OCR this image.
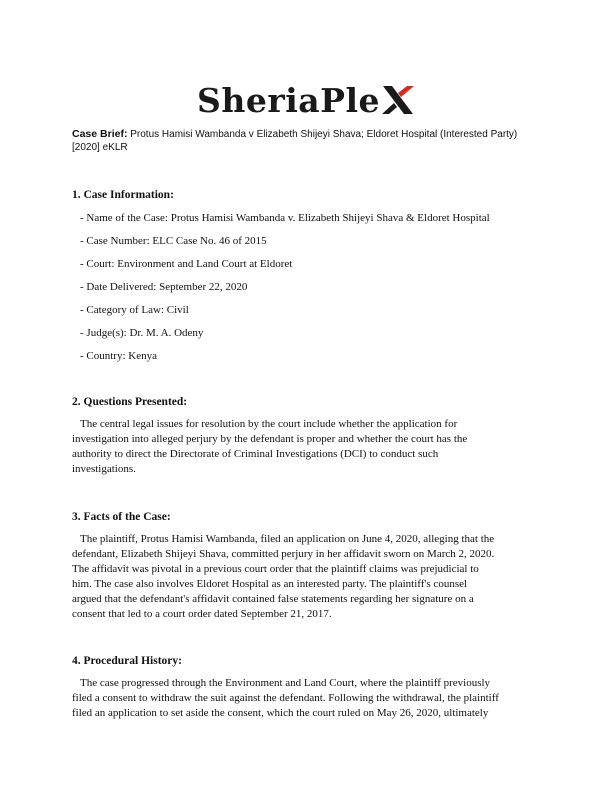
SheriaPle
Case Brief: Protus Hamisi Wambanda v Elizabeth Shijeyi Shava; Eldoret Hospital (Interested Party)
[2020] eKLR
1. Case Information:
- Name of the Case: Protus Hamisi Wambanda v. Elizabeth Shijeyi Shava & Eldoret Hospital
- Case Number: ELC Case No. 46 of 2015
- Court: Environment and Land Court at Eldoret
- Date Delivered: September 22, 2020
- Category of Law: Civil
- Judge(s): Dr. M. A. Odeny
- Country: Kenya
2. Questions Presented:

The central legal issues for resolution by the court include whether the application for

investigation into alleged perjury by the defendant is proper and whether the court has the

authority to direct the Directorate of Criminal Investigations (DCI) to conduct such

investigations.

3. Facts of the Case:

The plaintiff, Protus Hamisi Wambanda, filed an application on June 4, 2020, alleging that the

defendant, Elizabeth Shijeyi Shava, committed perjury in her affidavit sworn on March 2, 2020.

The affidavit was pivotal in a previous court order that the plaintiff claims was prejudicial to

him. The case also involves Eldoret Hospital as an interested party. The plaintiff's counsel

argued that the defendant's affidavit contained false statements regarding her signature on a

consent that led to a court order dated September 21, 2017.

4. Procedural History:

The case progressed through the Environment and Land Court, where the plaintiff previously

filed a consent to withdraw the suit against the defendant. Following the withdrawal, the plaintiff

filed an application to set aside the consent, which the court ruled on May 26, 2020, ultimately
